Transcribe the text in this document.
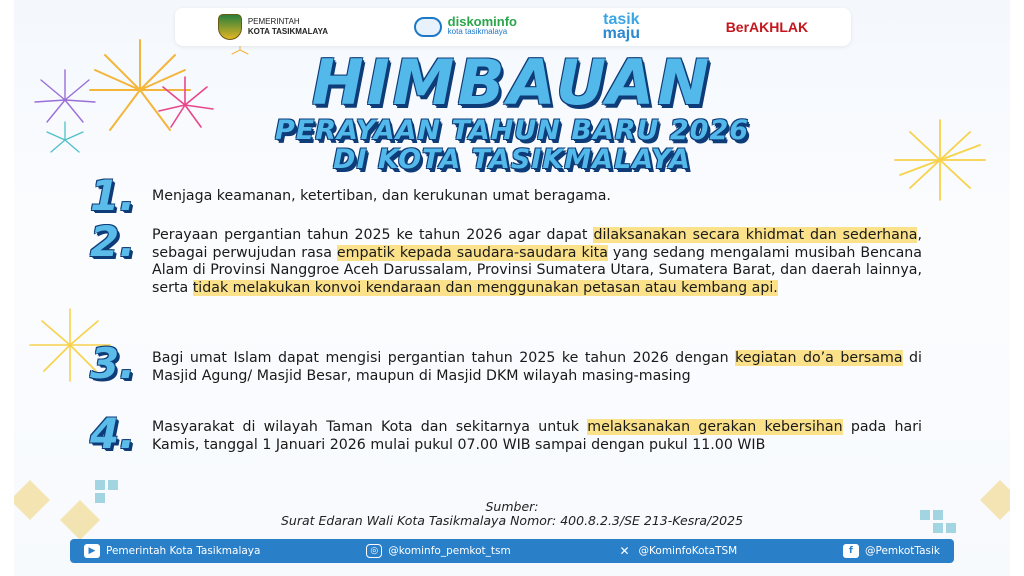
PEMERINTAH
KOTA TASIKMALAYA
diskominfo
kota tasikmalaya
tasik
maju	BerAKHLAK
HIMBAUAN
PERAYAAN TAHUN BARU 2026
DI KOTA TASIKMALAYA
1. Menjaga keamanan, ketertiban, dan kerukunan umat beragama.
2. Perayaan pergantian tahun 2025 ke tahun 2026 agar dapat dilaksanakan secara khidmat dan sederhana, sebagai perwujudan rasa empatik kepada saudara-saudara kita yang sedang mengalami musibah Bencana Alam di Provinsi Nanggroe Aceh Darussalam, Provinsi Sumatera Utara, Sumatera Barat, dan daerah lainnya, serta tidak melakukan konvoi kendaraan dan menggunakan petasan atau kembang api.
3. Bagi umat Islam dapat mengisi pergantian tahun 2025 ke tahun 2026 dengan kegiatan do’a bersama di Masjid Agung/ Masjid Besar, maupun di Masjid DKM wilayah masing-masing
4. Masyarakat di wilayah Taman Kota dan sekitarnya untuk melaksanakan gerakan kebersihan pada hari Kamis, tanggal 1 Januari 2026 mulai pukul 07.00 WIB sampai dengan pukul 11.00 WIB
Sumber:
Surat Edaran Wali Kota Tasikmalaya Nomor: 400.8.2.3/SE 213-Kesra/2025
▶	Pemerintah Kota Tasikmalaya	◎ @kominfo_pemkot_tsm	✕ @KominfoKotaTSM	f	@PemkotTasik
